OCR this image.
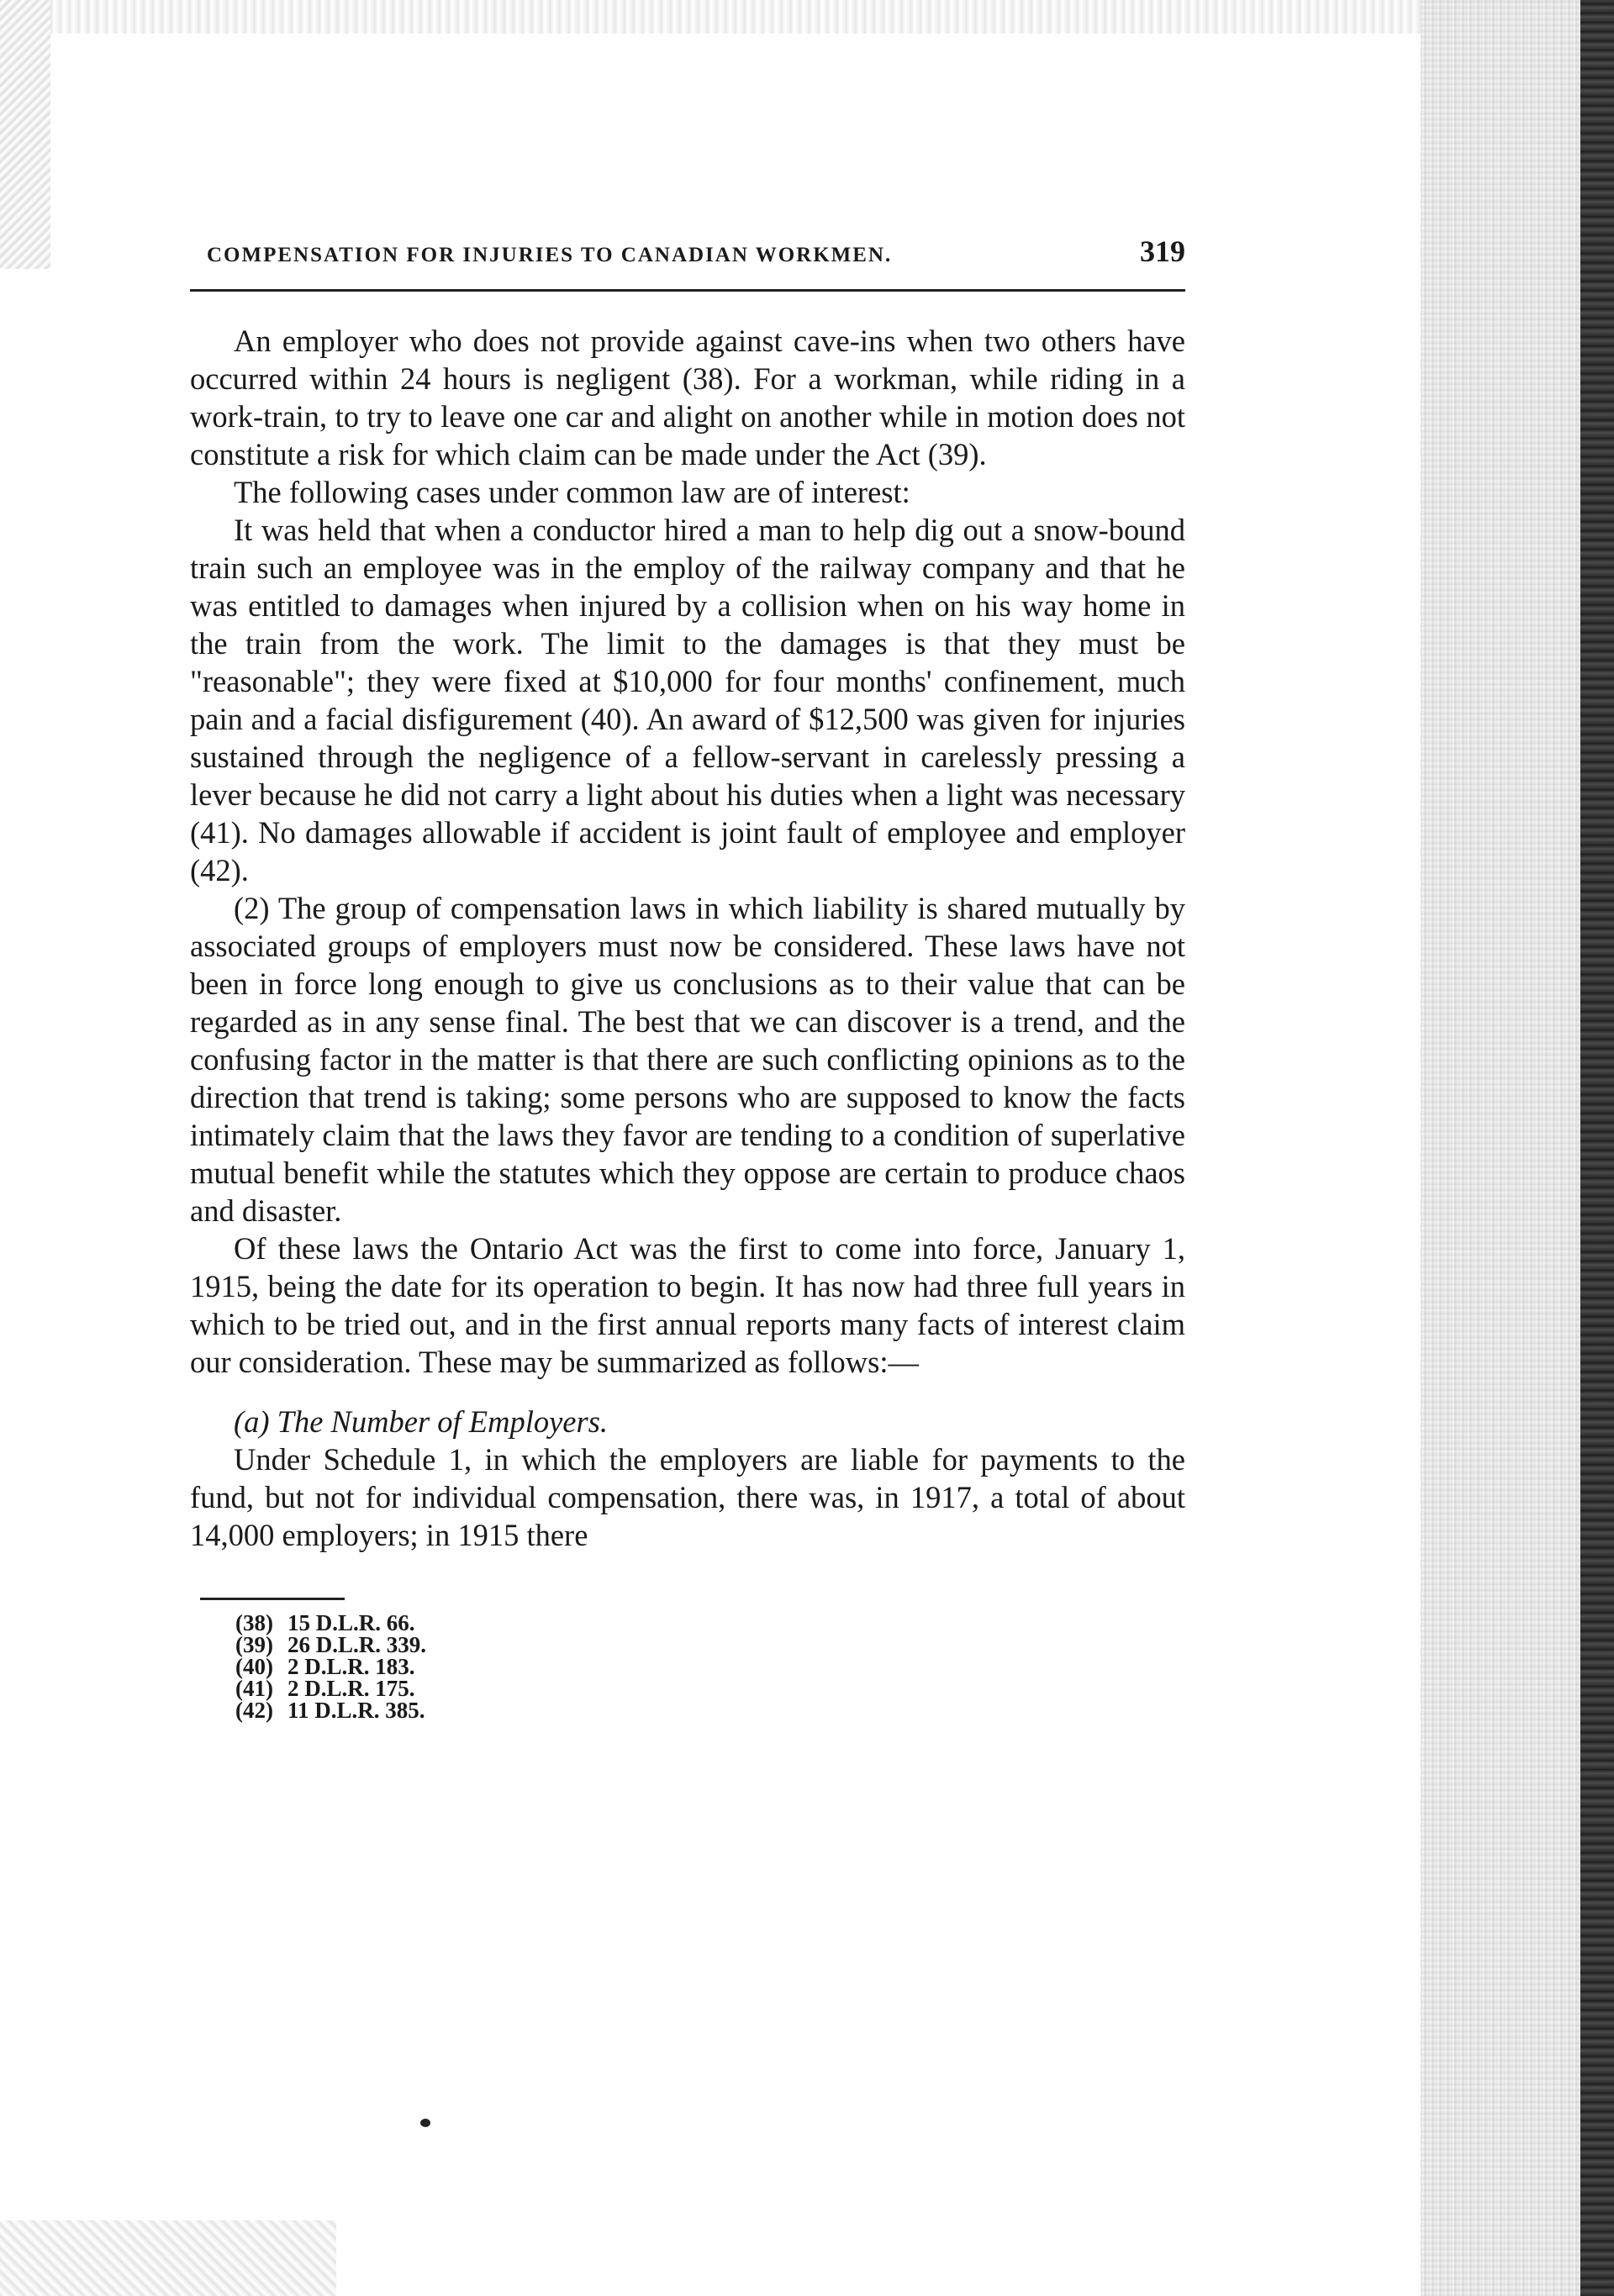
COMPENSATION FOR INJURIES TO CANADIAN WORKMEN.	319

An employer who does not provide against cave-ins when two others have occurred within 24 hours is negligent (38). For a workman, while riding in a work-train, to try to leave one car and alight on another while in motion does not constitute a risk for which claim can be made under the Act (39).

The following cases under common law are of interest:

It was held that when a conductor hired a man to help dig out a snow-bound train such an employee was in the employ of the railway company and that he was entitled to damages when injured by a collision when on his way home in the train from the work. The limit to the damages is that they must be "reasonable"; they were fixed at $10,000 for four months' confinement, much pain and a facial disfigurement (40). An award of $12,500 was given for injuries sustained through the negligence of a fellow-servant in carelessly pressing a lever because he did not carry a light about his duties when a light was necessary (41). No damages allowable if accident is joint fault of employee and employer (42).

(2) The group of compensation laws in which liability is shared mutually by associated groups of employers must now be considered. These laws have not been in force long enough to give us conclusions as to their value that can be regarded as in any sense final. The best that we can discover is a trend, and the confusing factor in the matter is that there are such conflicting opinions as to the direction that trend is taking; some persons who are supposed to know the facts intimately claim that the laws they favor are tending to a condition of superlative mutual benefit while the statutes which they oppose are certain to produce chaos and disaster.

Of these laws the Ontario Act was the first to come into force, January 1, 1915, being the date for its operation to begin. It has now had three full years in which to be tried out, and in the first annual reports many facts of interest claim our consideration. These may be summarized as follows:—

(a) The Number of Employers.

Under Schedule 1, in which the employers are liable for payments to the fund, but not for individual compensation, there was, in 1917, a total of about 14,000 employers; in 1915 there

(38) 15 D.L.R. 66.
(39) 26 D.L.R. 339.
(40) 2 D.L.R. 183.
(41) 2 D.L.R. 175.
(42) 11 D.L.R. 385.
